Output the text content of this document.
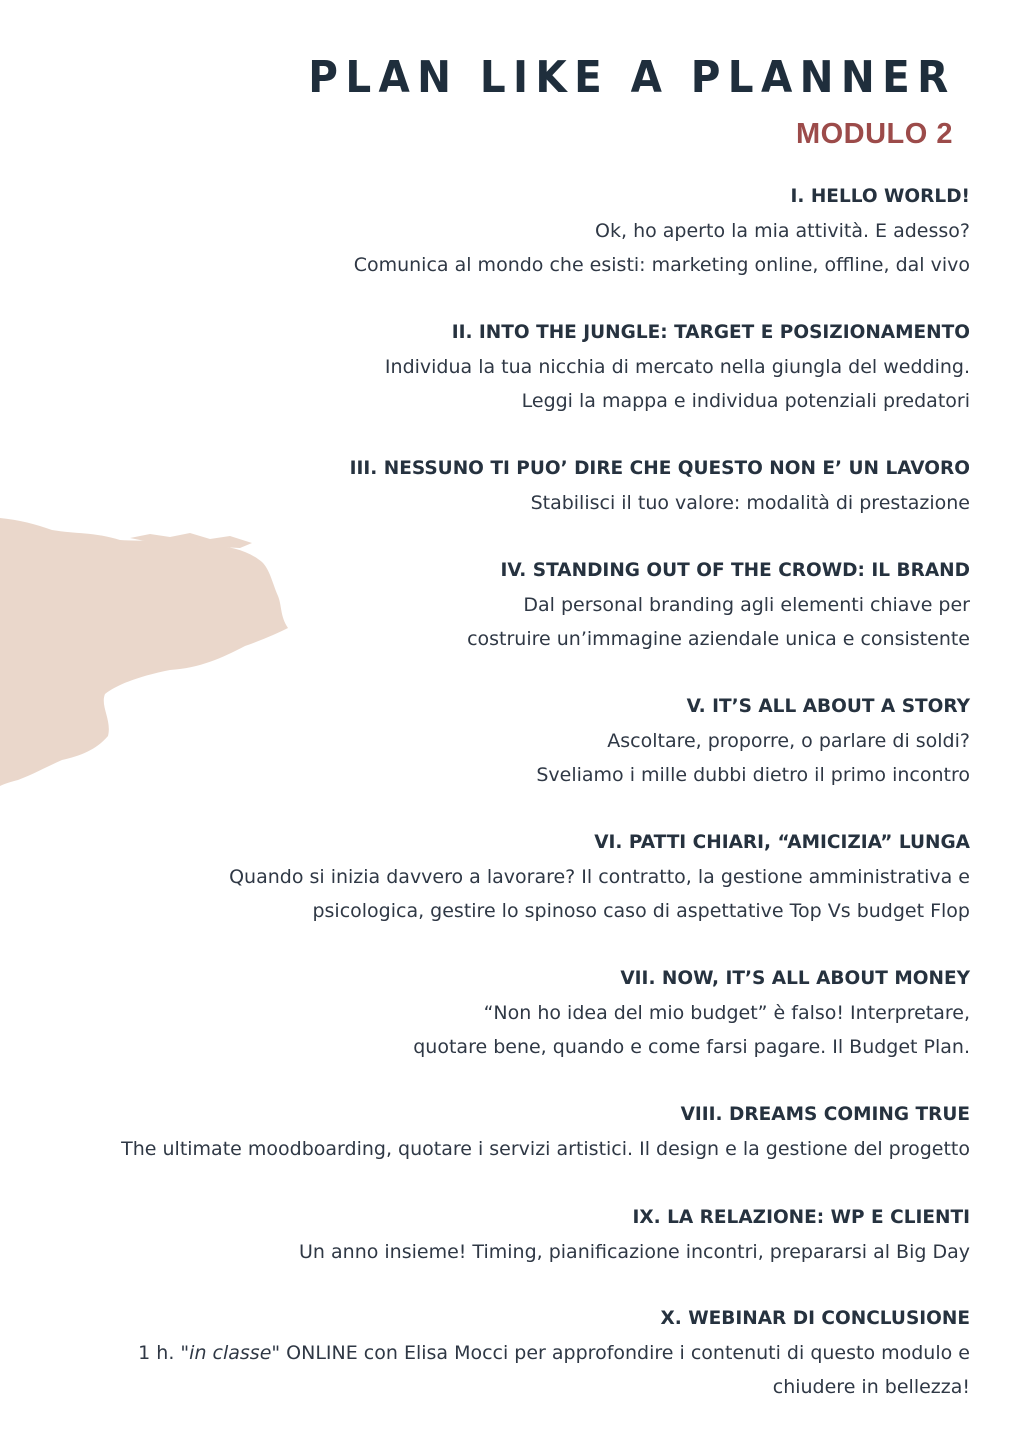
PLAN LIKE A PLANNER
MODULO 2
I. HELLO WORLD!

Ok, ho aperto la mia attività. E adesso?

Comunica al mondo che esisti: marketing online, offline, dal vivo

II. INTO THE JUNGLE: TARGET E POSIZIONAMENTO

Individua la tua nicchia di mercato nella giungla del wedding.

Leggi la mappa e individua potenziali predatori

III. NESSUNO TI PUO’ DIRE CHE QUESTO NON E’ UN LAVORO

Stabilisci il tuo valore: modalità di prestazione

IV. STANDING OUT OF THE CROWD: IL BRAND

Dal personal branding agli elementi chiave per

costruire un’immagine aziendale unica e consistente

V. IT’S ALL ABOUT A STORY

Ascoltare, proporre, o parlare di soldi?

Sveliamo i mille dubbi dietro il primo incontro

VI. PATTI CHIARI, “AMICIZIA” LUNGA

Quando si inizia davvero a lavorare? Il contratto, la gestione amministrativa e

psicologica, gestire lo spinoso caso di aspettative Top Vs budget Flop

VII. NOW, IT’S ALL ABOUT MONEY

“Non ho idea del mio budget” è falso! Interpretare,

quotare bene, quando e come farsi pagare. Il Budget Plan.

VIII. DREAMS COMING TRUE

The ultimate moodboarding, quotare i servizi artistici. Il design e la gestione del progetto

IX. LA RELAZIONE: WP E CLIENTI

Un anno insieme! Timing, pianificazione incontri, prepararsi al Big Day

X. WEBINAR DI CONCLUSIONE

1 h. "in classe" ONLINE con Elisa Mocci per approfondire i contenuti di questo modulo e chiudere in bellezza!
